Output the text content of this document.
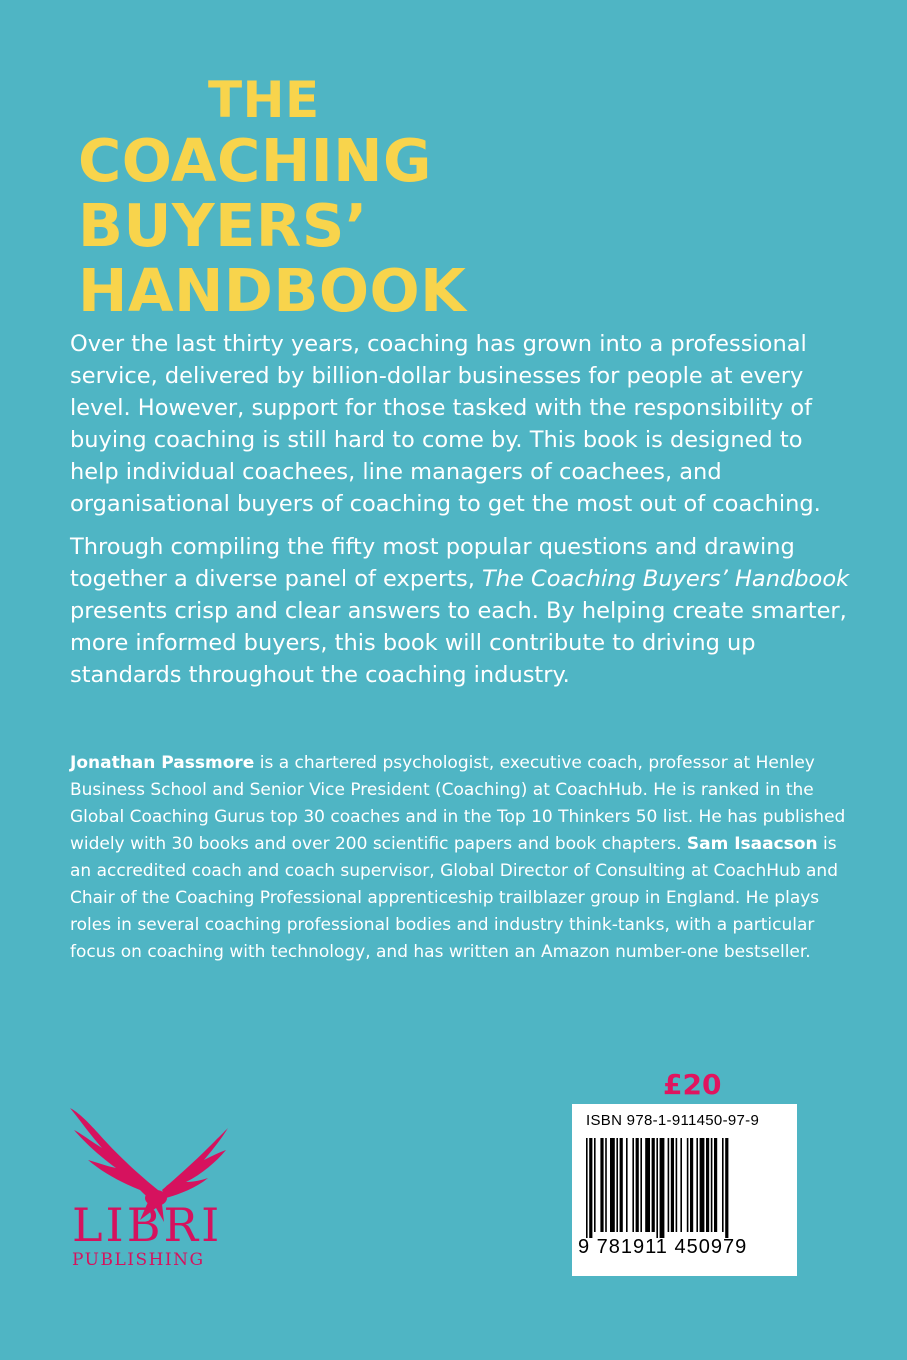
THE
COACHING
BUYERS’
HANDBOOK

Over the last thirty years, coaching has grown into a professional service, delivered by billion-dollar businesses for people at every level. However, support for those tasked with the responsibility of buying coaching is still hard to come by. This book is designed to help individual coachees, line managers of coachees, and organisational buyers of coaching to get the most out of coaching.

Through compiling the fifty most popular questions and drawing together a diverse panel of experts, The Coaching Buyers’ Handbook presents crisp and clear answers to each. By helping create smarter, more informed buyers, this book will contribute to driving up standards throughout the coaching industry.

Jonathan Passmore is a chartered psychologist, executive coach, professor at Henley Business School and Senior Vice President (Coaching) at CoachHub. He is ranked in the Global Coaching Gurus top 30 coaches and in the Top 10 Thinkers 50 list. He has published widely with 30 books and over 200 scientific papers and book chapters. Sam Isaacson is an accredited coach and coach supervisor, Global Director of Consulting at CoachHub and Chair of the Coaching Professional apprenticeship trailblazer group in England. He plays roles in several coaching professional bodies and industry think-tanks, with a particular focus on coaching with technology, and has written an Amazon number-one bestseller.

£20
ISBN 978-1-911450-97-9
9 781911 450979
LIBRI
PUBLISHING
